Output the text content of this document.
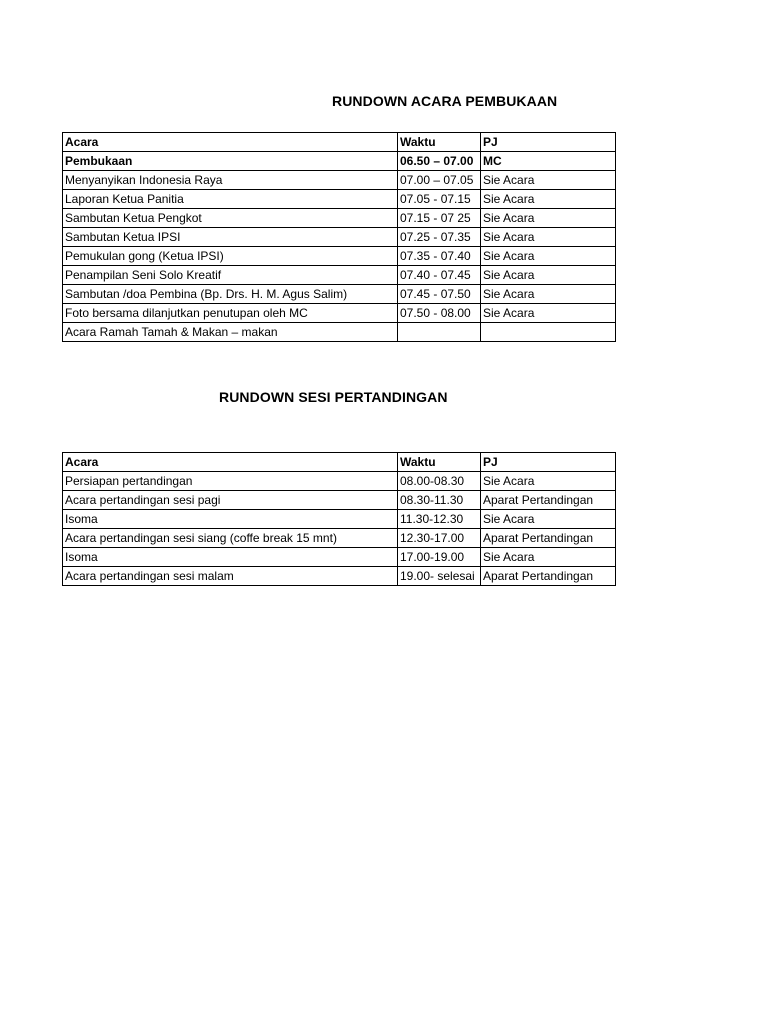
RUNDOWN ACARA PEMBUKAAN
Acara	Waktu	PJ
Pembukaan	06.50 – 07.00	MC
Menyanyikan Indonesia Raya	07.00 – 07.05	Sie Acara
Laporan Ketua Panitia	07.05 - 07.15	Sie Acara
Sambutan Ketua Pengkot	07.15 - 07 25	Sie Acara
Sambutan Ketua IPSI	07.25 - 07.35	Sie Acara
Pemukulan gong (Ketua IPSI)	07.35 - 07.40	Sie Acara
Penampilan Seni Solo Kreatif	07.40 - 07.45	Sie Acara
Sambutan /doa Pembina (Bp. Drs. H. M. Agus Salim)	07.45 - 07.50	Sie Acara
Foto bersama dilanjutkan penutupan oleh MC	07.50 - 08.00	Sie Acara
Acara Ramah Tamah & Makan – makan		
RUNDOWN SESI PERTANDINGAN
Acara	Waktu	PJ
Persiapan pertandingan	08.00-08.30	Sie Acara
Acara pertandingan sesi pagi	08.30-11.30	Aparat Pertandingan
Isoma	11.30-12.30	Sie Acara
Acara pertandingan sesi siang (coffe break 15 mnt)	12.30-17.00	Aparat Pertandingan
Isoma	17.00-19.00	Sie Acara
Acara pertandingan sesi malam	19.00- selesai	Aparat Pertandingan
